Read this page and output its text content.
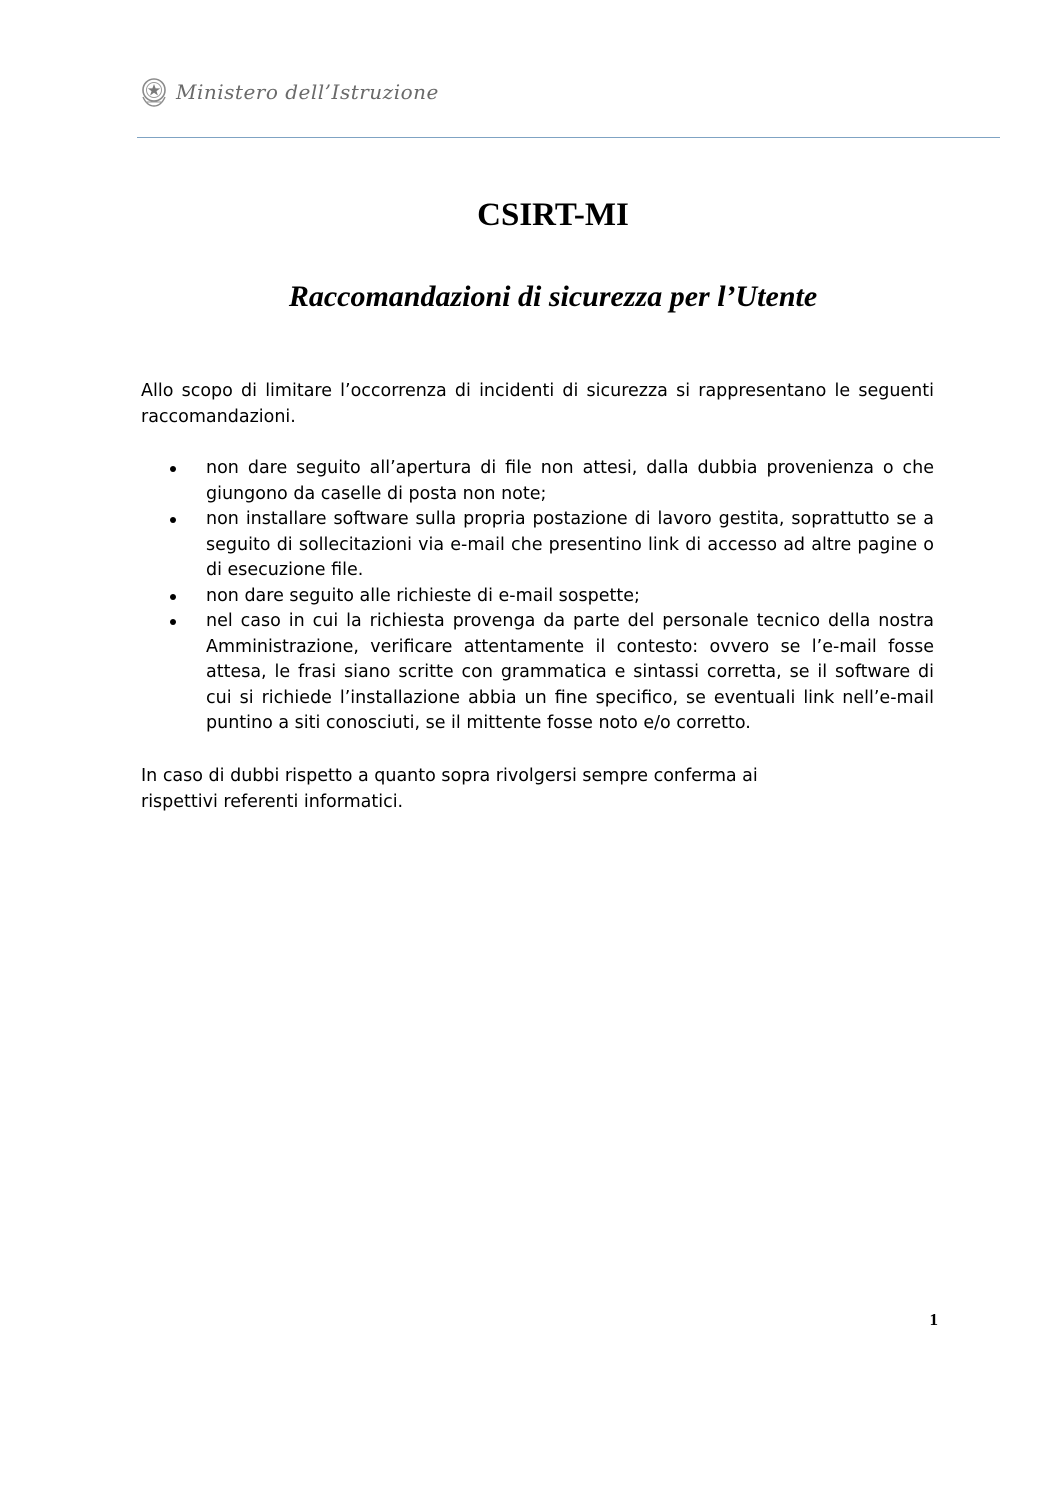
Ministero dell’Istruzione
CSIRT-MI
Raccomandazioni di sicurezza per l’Utente

Allo scopo di limitare l’occorrenza di incidenti di sicurezza si rappresentano le seguenti raccomandazioni.

non dare seguito all’apertura di file non attesi, dalla dubbia provenienza o che giungono da caselle di posta non note;
non installare software sulla propria postazione di lavoro gestita, soprattutto se a seguito di sollecitazioni via e-mail che presentino link di accesso ad altre pagine o di esecuzione file.
non dare seguito alle richieste di e-mail sospette;
nel caso in cui la richiesta provenga da parte del personale tecnico della nostra Amministrazione, verificare attentamente il contesto: ovvero se l’e-mail fosse attesa, le frasi siano scritte con grammatica e sintassi corretta, se il software di cui si richiede l’installazione abbia un fine specifico, se eventuali link nell’e-mail puntino a siti conosciuti, se il mittente fosse noto e/o corretto.

In caso di dubbi rispetto a quanto sopra rivolgersi sempre conferma ai rispettivi referenti informatici.

1
